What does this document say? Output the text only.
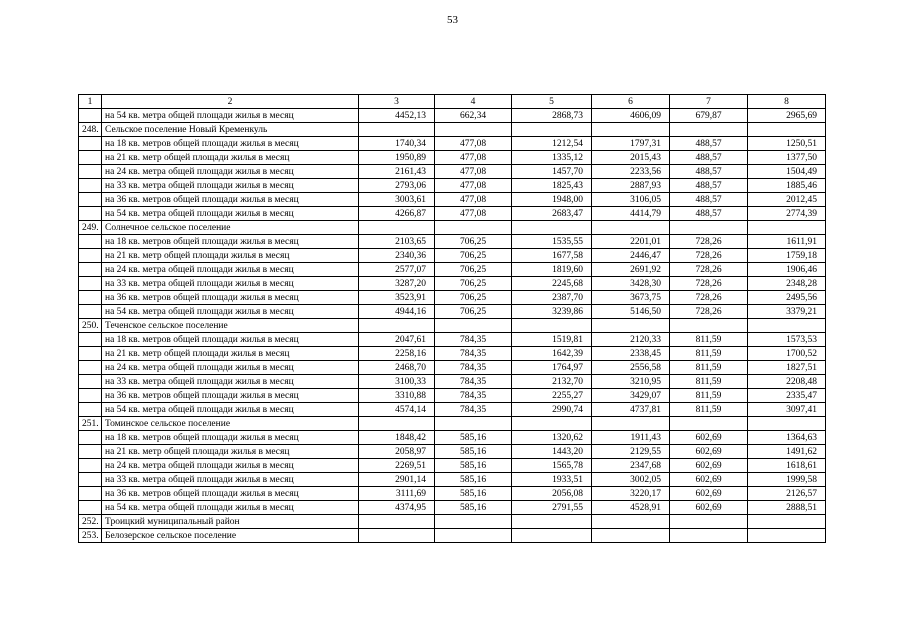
53
1	2	3	4	5	6	7	8
	на 54 кв. метра общей площади жилья в месяц	4452,13	662,34	2868,73	4606,09	679,87	2965,69
248.	Сельское поселение Новый Кременкуль						
	на 18 кв. метров общей площади жилья в месяц	1740,34	477,08	1212,54	1797,31	488,57	1250,51
	на 21 кв. метр общей площади жилья в месяц	1950,89	477,08	1335,12	2015,43	488,57	1377,50
	на 24 кв. метра общей площади жилья в месяц	2161,43	477,08	1457,70	2233,56	488,57	1504,49
	на 33 кв. метра общей площади жилья в месяц	2793,06	477,08	1825,43	2887,93	488,57	1885,46
	на 36 кв. метров общей площади жилья в месяц	3003,61	477,08	1948,00	3106,05	488,57	2012,45
	на 54 кв. метра общей площади жилья в месяц	4266,87	477,08	2683,47	4414,79	488,57	2774,39
249.	Солнечное сельское поселение						
	на 18 кв. метров общей площади жилья в месяц	2103,65	706,25	1535,55	2201,01	728,26	1611,91
	на 21 кв. метр общей площади жилья в месяц	2340,36	706,25	1677,58	2446,47	728,26	1759,18
	на 24 кв. метра общей площади жилья в месяц	2577,07	706,25	1819,60	2691,92	728,26	1906,46
	на 33 кв. метра общей площади жилья в месяц	3287,20	706,25	2245,68	3428,30	728,26	2348,28
	на 36 кв. метров общей площади жилья в месяц	3523,91	706,25	2387,70	3673,75	728,26	2495,56
	на 54 кв. метра общей площади жилья в месяц	4944,16	706,25	3239,86	5146,50	728,26	3379,21
250.	Теченское сельское поселение						
	на 18 кв. метров общей площади жилья в месяц	2047,61	784,35	1519,81	2120,33	811,59	1573,53
	на 21 кв. метр общей площади жилья в месяц	2258,16	784,35	1642,39	2338,45	811,59	1700,52
	на 24 кв. метра общей площади жилья в месяц	2468,70	784,35	1764,97	2556,58	811,59	1827,51
	на 33 кв. метра общей площади жилья в месяц	3100,33	784,35	2132,70	3210,95	811,59	2208,48
	на 36 кв. метров общей площади жилья в месяц	3310,88	784,35	2255,27	3429,07	811,59	2335,47
	на 54 кв. метра общей площади жилья в месяц	4574,14	784,35	2990,74	4737,81	811,59	3097,41
251.	Томинское сельское поселение						
	на 18 кв. метров общей площади жилья в месяц	1848,42	585,16	1320,62	1911,43	602,69	1364,63
	на 21 кв. метр общей площади жилья в месяц	2058,97	585,16	1443,20	2129,55	602,69	1491,62
	на 24 кв. метра общей площади жилья в месяц	2269,51	585,16	1565,78	2347,68	602,69	1618,61
	на 33 кв. метра общей площади жилья в месяц	2901,14	585,16	1933,51	3002,05	602,69	1999,58
	на 36 кв. метров общей площади жилья в месяц	3111,69	585,16	2056,08	3220,17	602,69	2126,57
	на 54 кв. метра общей площади жилья в месяц	4374,95	585,16	2791,55	4528,91	602,69	2888,51
252.	Троицкий муниципальный район						
253.	Белозерское сельское поселение						
